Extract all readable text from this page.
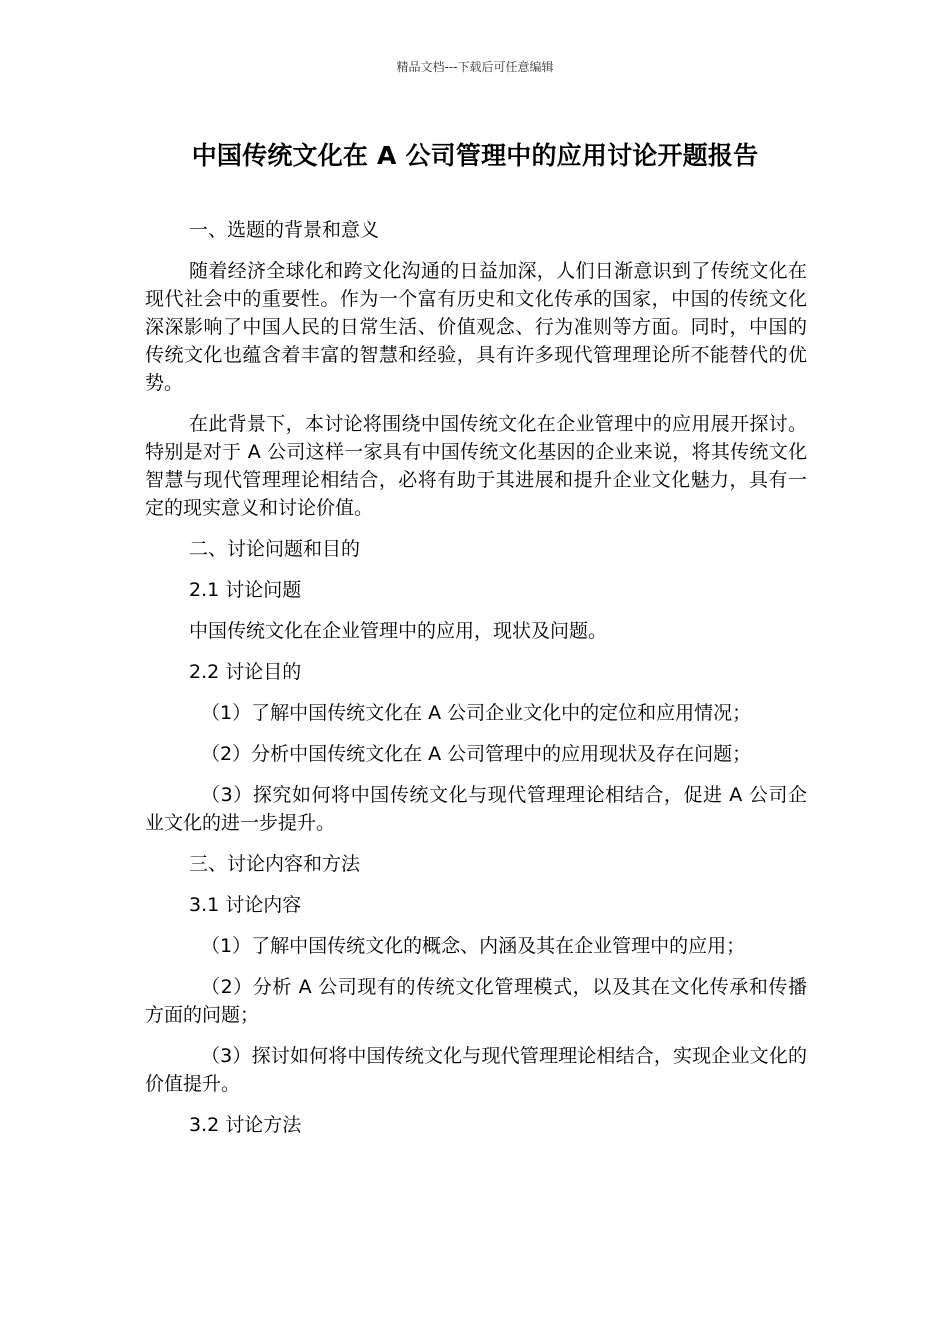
精品文档---下载后可任意编辑
中国传统文化在 A 公司管理中的应用讨论开题报告

一、选题的背景和意义

随着经济全球化和跨文化沟通的日益加深，人们日渐意识到了传统文化在现代社会中的重要性。作为一个富有历史和文化传承的国家，中国的传统文化深深影响了中国人民的日常生活、价值观念、行为准则等方面。同时，中国的传统文化也蕴含着丰富的智慧和经验，具有许多现代管理理论所不能替代的优势。

在此背景下，本讨论将围绕中国传统文化在企业管理中的应用展开探讨。特别是对于 A 公司这样一家具有中国传统文化基因的企业来说，将其传统文化智慧与现代管理理论相结合，必将有助于其进展和提升企业文化魅力，具有一定的现实意义和讨论价值。

二、讨论问题和目的

2.1 讨论问题

中国传统文化在企业管理中的应用，现状及问题。

2.2 讨论目的

（1）了解中国传统文化在 A 公司企业文化中的定位和应用情况；

（2）分析中国传统文化在 A 公司管理中的应用现状及存在问题；

（3）探究如何将中国传统文化与现代管理理论相结合，促进 A 公司企业文化的进一步提升。

三、讨论内容和方法

3.1 讨论内容

（1）了解中国传统文化的概念、内涵及其在企业管理中的应用；

（2）分析 A 公司现有的传统文化管理模式，以及其在文化传承和传播方面的问题；

（3）探讨如何将中国传统文化与现代管理理论相结合，实现企业文化的价值提升。

3.2 讨论方法
